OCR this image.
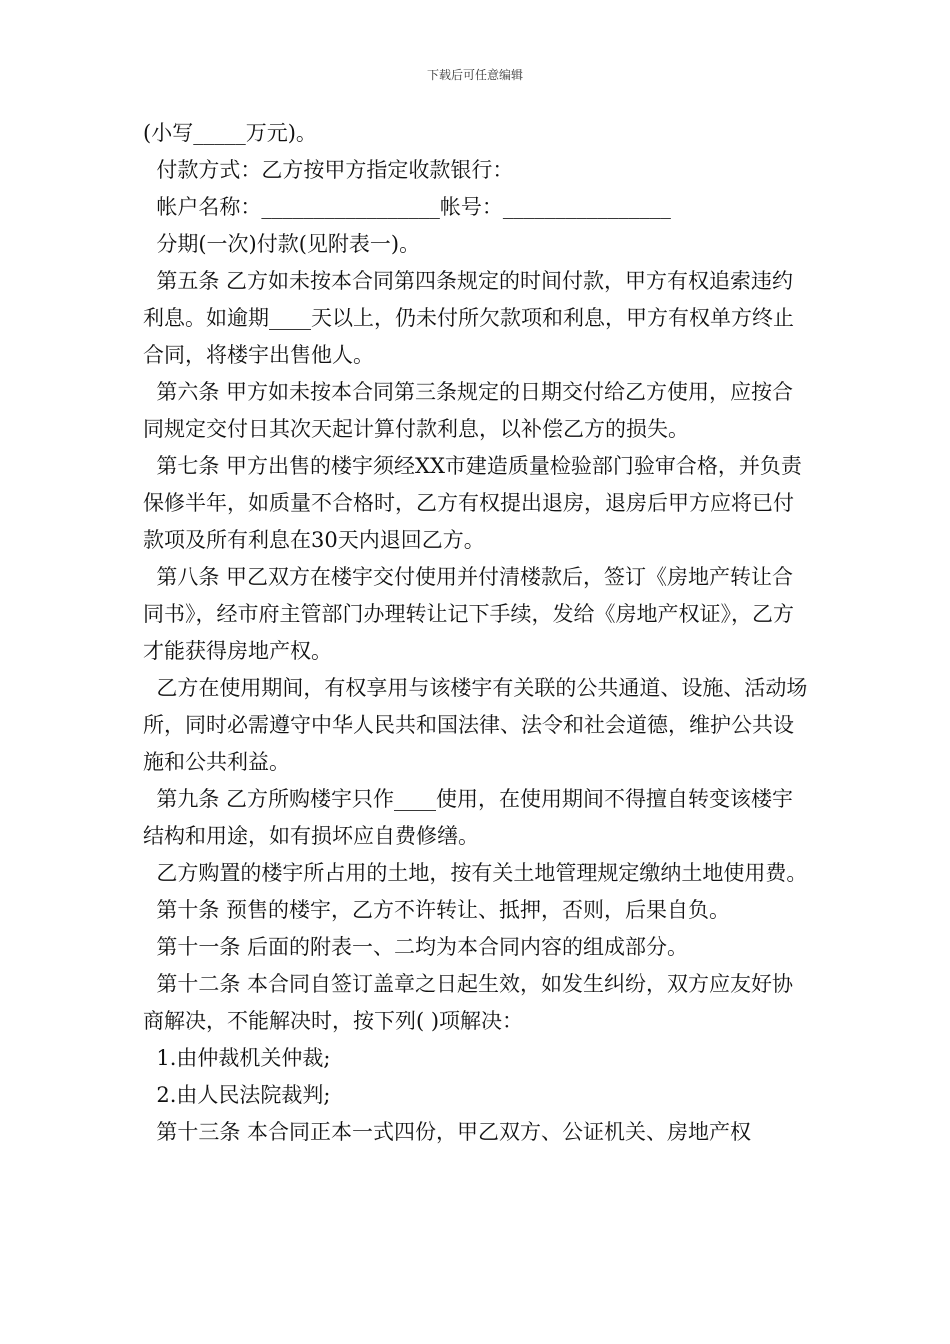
下载后可任意编辑

(小写_____万元)。

付款方式：乙方按甲方指定收款银行：

帐户名称：_________________帐号：________________

分期(一次)付款(见附表一)。

第五条 乙方如未按本合同第四条规定的时间付款，甲方有权追索违约利息。如逾期____天以上，仍未付所欠款项和利息，甲方有权单方终止合同，将楼宇出售他人。

第六条 甲方如未按本合同第三条规定的日期交付给乙方使用，应按合同规定交付日其次天起计算付款利息，以补偿乙方的损失。

第七条 甲方出售的楼宇须经XX市建造质量检验部门验审合格，并负责保修半年，如质量不合格时，乙方有权提出退房，退房后甲方应将已付款项及所有利息在30天内退回乙方。

第八条 甲乙双方在楼宇交付使用并付清楼款后，签订《房地产转让合同书》，经市府主管部门办理转让记下手续，发给《房地产权证》，乙方才能获得房地产权。

乙方在使用期间，有权享用与该楼宇有关联的公共通道、设施、活动场所，同时必需遵守中华人民共和国法律、法令和社会道德，维护公共设施和公共利益。

第九条 乙方所购楼宇只作____使用，在使用期间不得擅自转变该楼宇结构和用途，如有损坏应自费修缮。

乙方购置的楼宇所占用的土地，按有关土地管理规定缴纳土地使用费。

第十条 预售的楼宇，乙方不许转让、抵押，否则，后果自负。

第十一条 后面的附表一、二均为本合同内容的组成部分。

第十二条 本合同自签订盖章之日起生效，如发生纠纷，双方应友好协商解决，不能解决时，按下列( )项解决：

1.由仲裁机关仲裁;

2.由人民法院裁判;

第十三条 本合同正本一式四份，甲乙双方、公证机关、房地产权
